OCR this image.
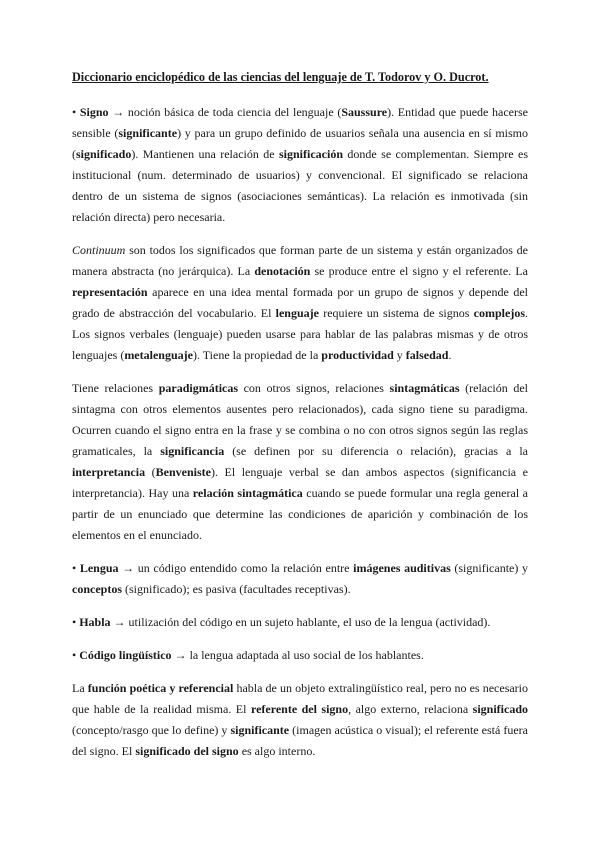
Diccionario enciclopédico de las ciencias del lenguaje de T. Todorov y O. Ducrot.

• Signo → noción básica de toda ciencia del lenguaje (Saussure). Entidad que puede hacerse sensible (significante) y para un grupo definido de usuarios señala una ausencia en sí mismo (significado). Mantienen una relación de significación donde se complementan. Siempre es institucional (num. determinado de usuarios) y convencional. El significado se relaciona dentro de un sistema de signos (asociaciones semánticas). La relación es inmotivada (sin relación directa) pero necesaria.

Continuum son todos los significados que forman parte de un sistema y están organizados de manera abstracta (no jerárquica). La denotación se produce entre el signo y el referente. La representación aparece en una idea mental formada por un grupo de signos y depende del grado de abstracción del vocabulario. El lenguaje requiere un sistema de signos complejos. Los signos verbales (lenguaje) pueden usarse para hablar de las palabras mismas y de otros lenguajes (metalenguaje). Tiene la propiedad de la productividad y falsedad.

Tiene relaciones paradigmáticas con otros signos, relaciones sintagmáticas (relación del sintagma con otros elementos ausentes pero relacionados), cada signo tiene su paradigma. Ocurren cuando el signo entra en la frase y se combina o no con otros signos según las reglas gramaticales, la significancia (se definen por su diferencia o relación), gracias a la interpretancia (Benveniste). El lenguaje verbal se dan ambos aspectos (significancia e interpretancia). Hay una relación sintagmática cuando se puede formular una regla general a partir de un enunciado que determine las condiciones de aparición y combinación de los elementos en el enunciado.

• Lengua → un código entendido como la relación entre imágenes auditivas (significante) y conceptos (significado); es pasiva (facultades receptivas).

• Habla → utilización del código en un sujeto hablante, el uso de la lengua (actividad).

• Código lingüístico → la lengua adaptada al uso social de los hablantes.

La función poética y referencial habla de un objeto extralingüístico real, pero no es necesario que hable de la realidad misma. El referente del signo, algo externo, relaciona significado (concepto/rasgo que lo define) y significante (imagen acústica o visual); el referente está fuera del signo. El significado del signo es algo interno.
